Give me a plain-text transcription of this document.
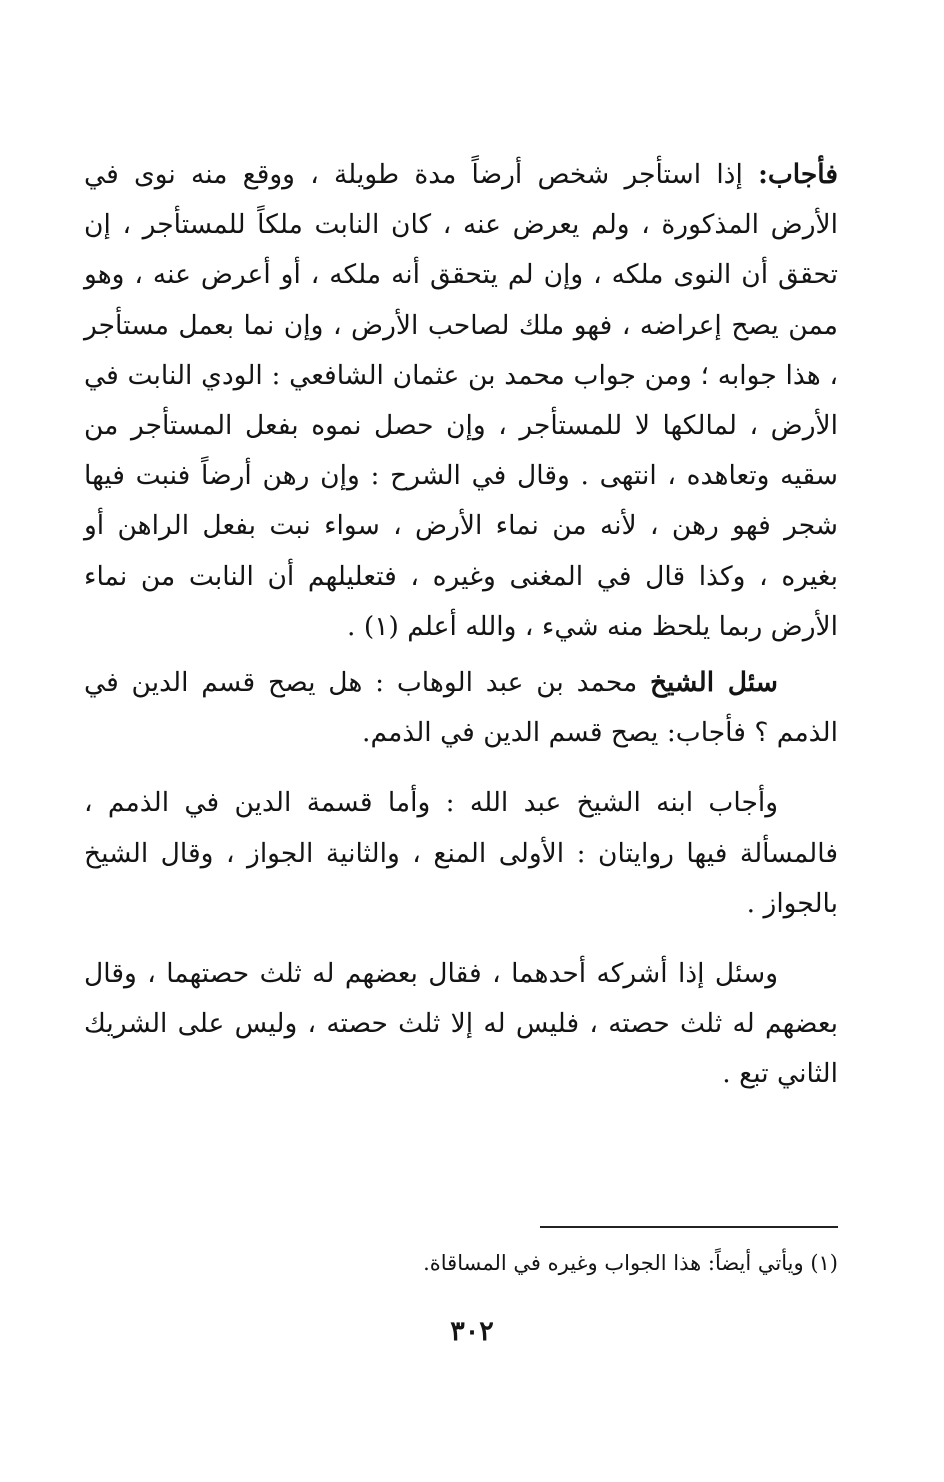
فأجاب: إذا استأجر شخص أرضاً مدة طويلة ، ووقع منه نوى في الأرض المذكورة ، ولم يعرض عنه ، كان النابت ملكاً للمستأجر ، إن تحقق أن النوى ملكه ، وإن لم يتحقق أنه ملكه ، أو أعرض عنه ، وهو ممن يصح إعراضه ، فهو ملك لصاحب الأرض ، وإن نما بعمل مستأجر ، هذا جوابه ؛ ومن جواب محمد بن عثمان الشافعي : الودي النابت في الأرض ، لمالكها لا للمستأجر ، وإن حصل نموه بفعل المستأجر من سقيه وتعاهده ، انتهى . وقال في الشرح : وإن رهن أرضاً فنبت فيها شجر فهو رهن ، لأنه من نماء الأرض ، سواء نبت بفعل الراهن أو بغيره ، وكذا قال في المغنى وغيره ، فتعليلهم أن النابت من نماء الأرض ربما يلحظ منه شيء ، والله أعلم (١) .

سئل الشيخ محمد بن عبد الوهاب : هل يصح قسم الدين في الذمم ؟ فأجاب: يصح قسم الدين في الذمم.

وأجاب ابنه الشيخ عبد الله : وأما قسمة الدين في الذمم ، فالمسألة فيها روايتان : الأولى المنع ، والثانية الجواز ، وقال الشيخ بالجواز .

وسئل إذا أشركه أحدهما ، فقال بعضهم له ثلث حصتهما ، وقال بعضهم له ثلث حصته ، فليس له إلا ثلث حصته ، وليس على الشريك الثاني تبع .

(١) ويأتي أيضاً: هذا الجواب وغيره في المساقاة.
٣٠٢
